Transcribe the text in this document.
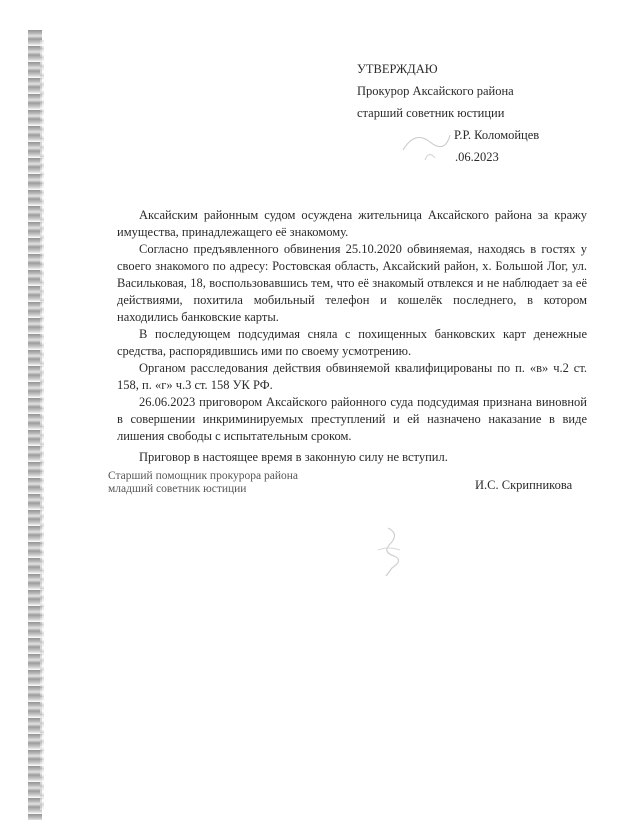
УТВЕРЖДАЮ
Прокурор Аксайского района
старший советник юстиции
Р.Р. Коломойцев
.06.2023

Аксайским районным судом осуждена жительница Аксайского района за кражу имущества, принадлежащего её знакомому.

Согласно предъявленного обвинения 25.10.2020 обвиняемая, находясь в гостях у своего знакомого по адресу: Ростовская область, Аксайский район, х. Большой Лог, ул. Васильковая, 18, воспользовавшись тем, что её знакомый отвлекся и не наблюдает за её действиями, похитила мобильный телефон и кошелёк последнего, в котором находились банковские карты.

В последующем подсудимая сняла с похищенных банковских карт денежные средства, распорядившись ими по своему усмотрению.

Органом расследования действия обвиняемой квалифицированы по п. «в» ч.2 ст. 158, п. «г» ч.3 ст. 158 УК РФ.

26.06.2023 приговором Аксайского районного суда подсудимая признана виновной в совершении инкриминируемых преступлений и ей назначено наказание в виде лишения свободы с испытательным сроком.

Приговор в настоящее время в законную силу не вступил.

Старший помощник прокурора района
младший советник юстиции	И.С. Скрипникова
